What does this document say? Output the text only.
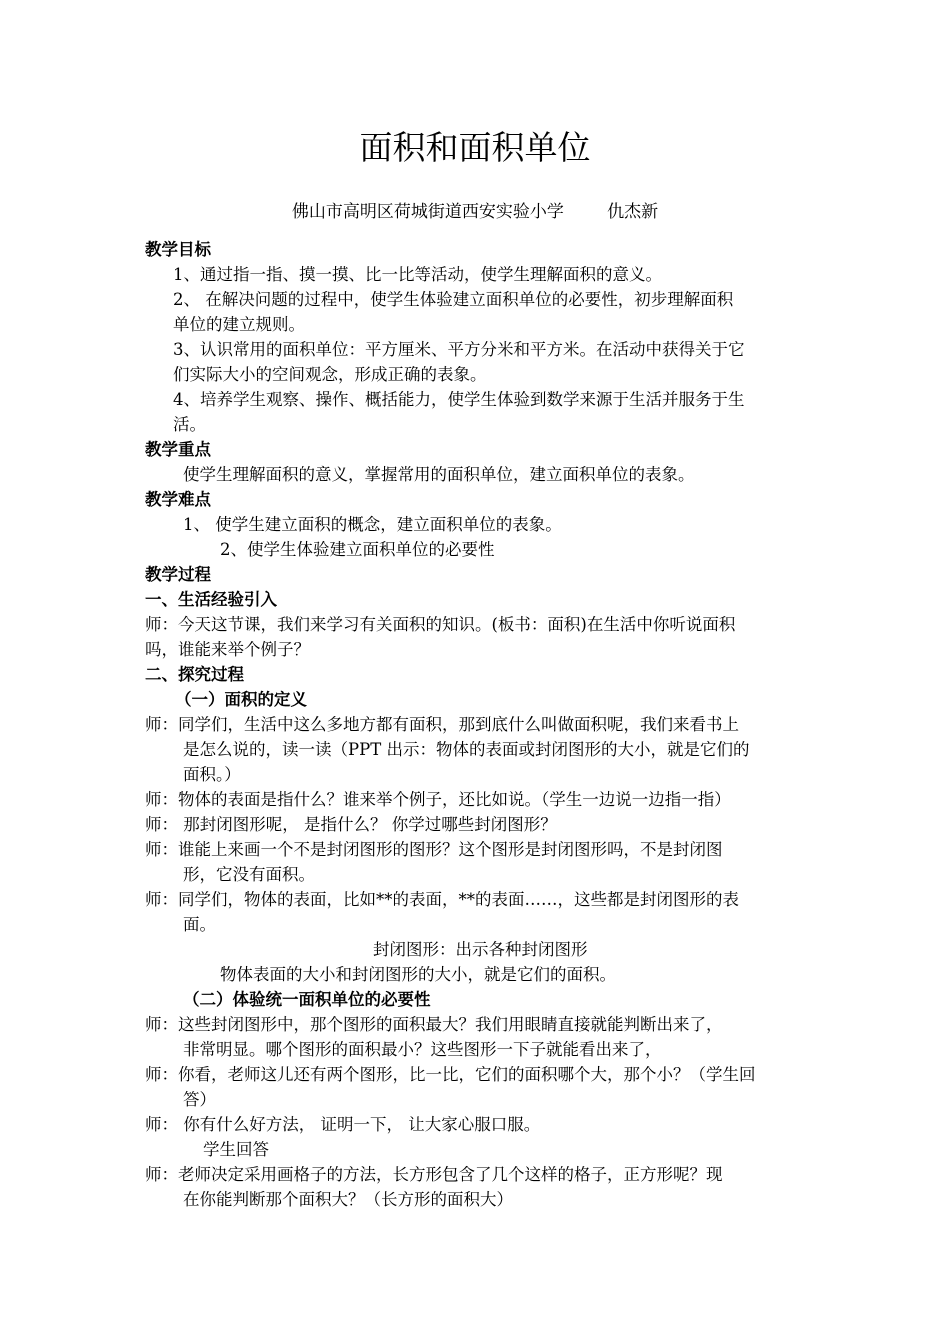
面积和面积单位
佛山市高明区荷城街道西安实验小学        仇杰新
教学目标
1、通过指一指、摸一摸、比一比等活动，使学生理解面积的意义。
2、 在解决问题的过程中，使学生体验建立面积单位的必要性，初步理解面积
单位的建立规则。
3、认识常用的面积单位：平方厘米、平方分米和平方米。在活动中获得关于它
们实际大小的空间观念，形成正确的表象。
4、培养学生观察、操作、概括能力，使学生体验到数学来源于生活并服务于生
活。
教学重点
使学生理解面积的意义，掌握常用的面积单位，建立面积单位的表象。
教学难点
1、 使学生建立面积的概念，建立面积单位的表象。
2、使学生体验建立面积单位的必要性
教学过程
一、生活经验引入
师：今天这节课，我们来学习有关面积的知识。(板书：面积)在生活中你听说面积
吗，谁能来举个例子？
二、探究过程
（一）面积的定义
师：同学们，生活中这么多地方都有面积，那到底什么叫做面积呢，我们来看书上
是怎么说的，读一读（PPT 出示：物体的表面或封闭图形的大小，就是它们的
面积。）
师：物体的表面是指什么？谁来举个例子，还比如说。（学生一边说一边指一指）
师： 那封闭图形呢， 是指什么？ 你学过哪些封闭图形？
师：谁能上来画一个不是封闭图形的图形？这个图形是封闭图形吗，不是封闭图
形，它没有面积。
师：同学们，物体的表面，比如**的表面，**的表面……，这些都是封闭图形的表
面。
封闭图形：出示各种封闭图形
物体表面的大小和封闭图形的大小，就是它们的面积。
（二）体验统一面积单位的必要性
师：这些封闭图形中，那个图形的面积最大？我们用眼睛直接就能判断出来了，
非常明显。哪个图形的面积最小？这些图形一下子就能看出来了，
师：你看，老师这儿还有两个图形，比一比，它们的面积哪个大，那个小？（学生回
答）
师： 你有什么好方法， 证明一下， 让大家心服口服。
学生回答
师：老师决定采用画格子的方法，长方形包含了几个这样的格子，正方形呢？现
在你能判断那个面积大？（长方形的面积大）
